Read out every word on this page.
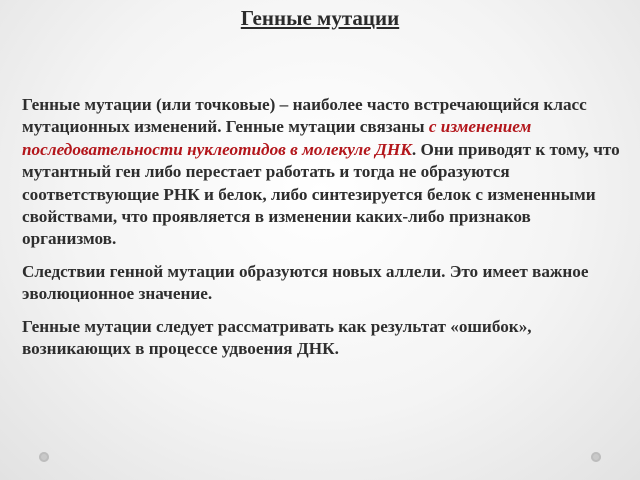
Генные мутации

Генные мутации (или точковые) – наиболее часто встречающийся класс мутационных изменений. Генные мутации связаны с изменением последовательности нуклеотидов в молекуле ДНК. Они приводят к тому, что мутантный ген либо перестает работать и тогда не образуются соответствующие РНК и белок, либо синтезируется белок с измененными свойствами, что проявляется в изменении каких-либо признаков организмов.

Следствии генной мутации образуются новых аллели. Это имеет важное эволюционное значение.

Генные мутации следует рассматривать как результат «ошибок», возникающих в процессе удвоения ДНК.
